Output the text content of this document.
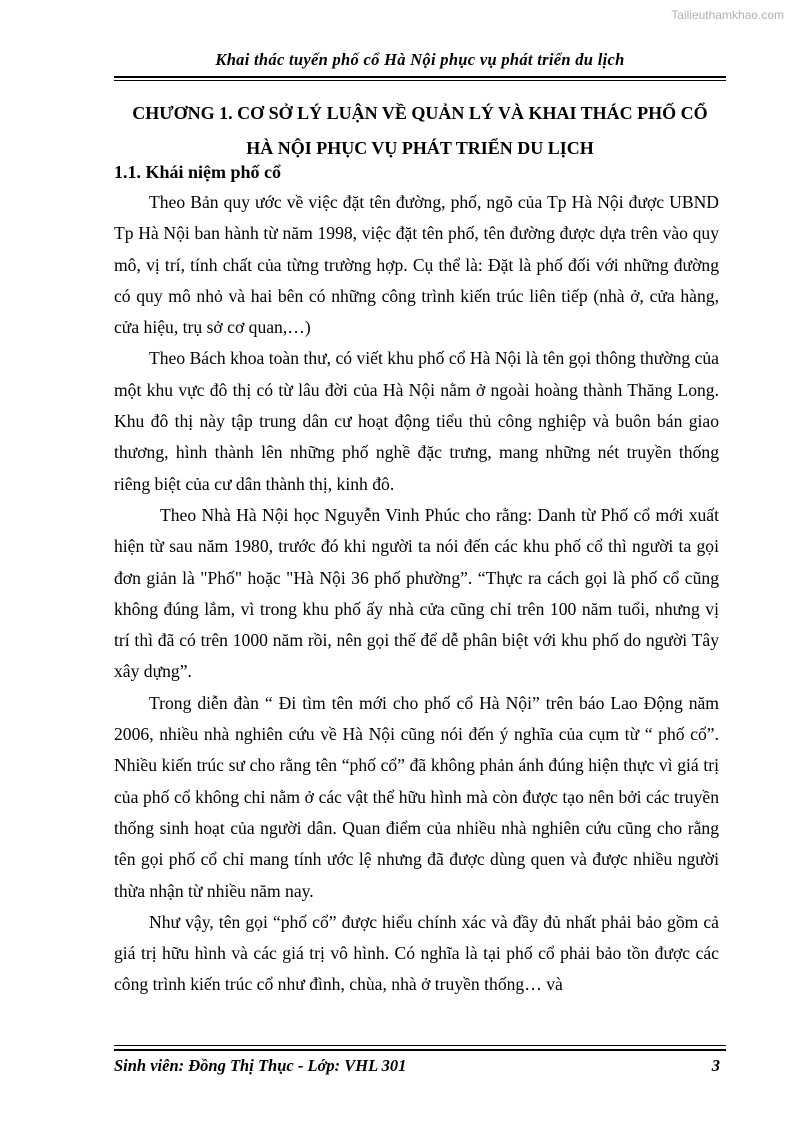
Tailieuthamkhao.com
Khai thác tuyến phố cổ Hà Nội phục vụ phát triển du lịch
CHƯƠNG 1. CƠ SỞ LÝ LUẬN VỀ QUẢN LÝ VÀ KHAI THÁC PHỐ CỔ
HÀ NỘI PHỤC VỤ PHÁT TRIỂN DU LỊCH
1.1. Khái niệm phố cổ

Theo Bản quy ước về việc đặt tên đường, phố, ngõ của Tp Hà Nội được UBND Tp Hà Nội ban hành từ năm 1998, việc đặt tên phố, tên đường được dựa trên vào quy mô, vị trí, tính chất của từng trường hợp. Cụ thể là: Đặt là phố đối với những đường có quy mô nhỏ và hai bên có những công trình kiến trúc liên tiếp (nhà ở, cửa hàng, cửa hiệu, trụ sở cơ quan,…)

Theo Bách khoa toàn thư, có viết khu phố cổ Hà Nội là tên gọi thông thường của một khu vực đô thị có từ lâu đời của Hà Nội nằm ở ngoài hoàng thành Thăng Long. Khu đô thị này tập trung dân cư hoạt động tiểu thủ công nghiệp và buôn bán giao thương, hình thành lên những phố nghề đặc trưng, mang những nét truyền thống riêng biệt của cư dân thành thị, kinh đô.

Theo Nhà Hà Nội học Nguyễn Vinh Phúc cho rằng: Danh từ Phố cổ mới xuất hiện từ sau năm 1980, trước đó khi người ta nói đến các khu phố cổ thì người ta gọi đơn giản là "Phố" hoặc "Hà Nội 36 phố phường”. “Thực ra cách gọi là phố cổ cũng không đúng lắm, vì trong khu phố ấy nhà cửa cũng chỉ trên 100 năm tuổi, nhưng vị trí thì đã có trên 1000 năm rồi, nên gọi thế để dễ phân biệt với khu phố do người Tây xây dựng”.

Trong diễn đàn “ Đi tìm tên mới cho phố cổ Hà Nội” trên báo Lao Động năm 2006, nhiều nhà nghiên cứu về Hà Nội cũng nói đến ý nghĩa của cụm từ “ phố cổ”. Nhiều kiến trúc sư cho rằng tên “phố cổ” đã không phản ánh đúng hiện thực vì giá trị của phố cổ không chỉ nằm ở các vật thể hữu hình mà còn được tạo nên bởi các truyền thống sinh hoạt của người dân. Quan điểm của nhiều nhà nghiên cứu cũng cho rằng tên gọi phố cổ chỉ mang tính ước lệ nhưng đã được dùng quen và được nhiều người thừa nhận từ nhiều năm nay.

Như vậy, tên gọi “phố cổ” được hiểu chính xác và đầy đủ nhất phải bảo gồm cả giá trị hữu hình và các giá trị vô hình. Có nghĩa là tại phố cổ phải bảo tồn được các công trình kiến trúc cổ như đình, chùa, nhà ở truyền thống… và

Sinh viên: Đồng Thị Thục - Lớp: VHL 301	3
